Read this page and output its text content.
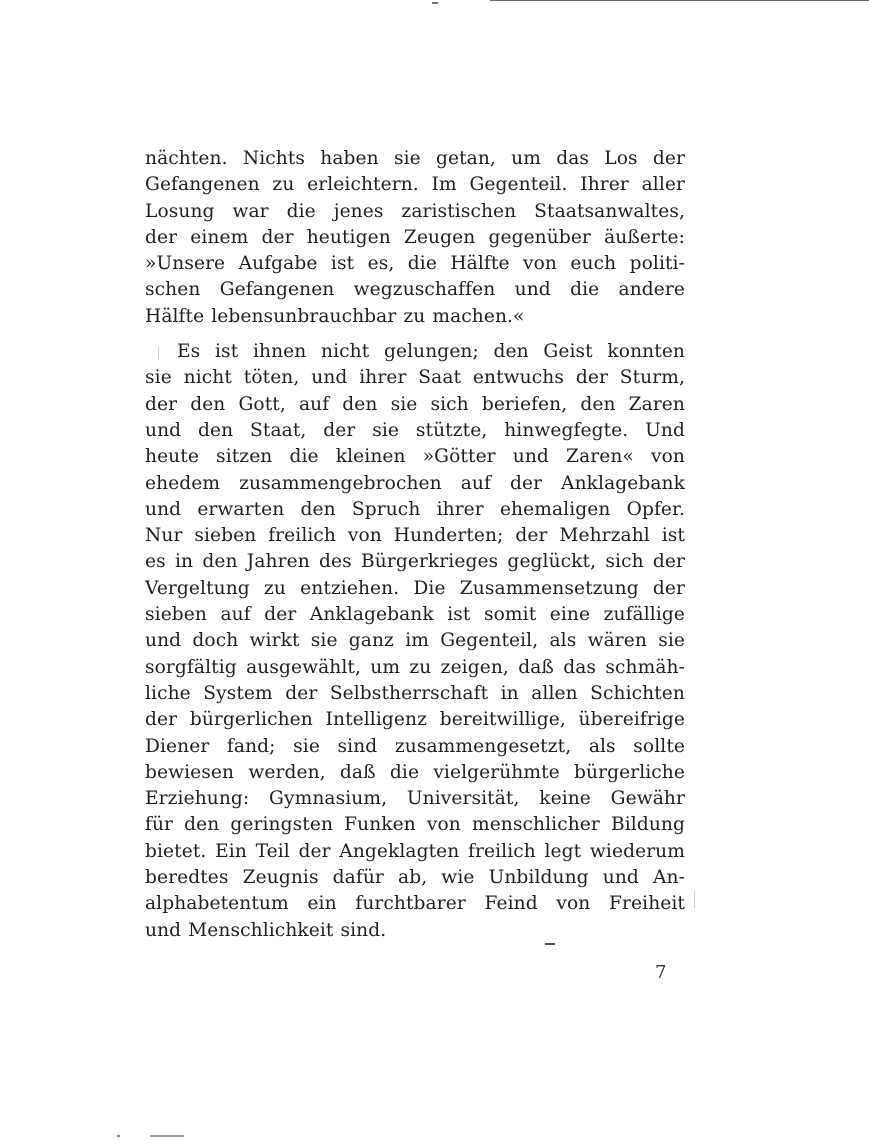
nächten. Nichts haben sie getan, um das Los der
Gefangenen zu erleichtern. Im Gegenteil. Ihrer aller
Losung war die jenes zaristischen Staatsanwaltes,
der einem der heutigen Zeugen gegenüber äußerte:
»Unsere Aufgabe ist es, die Hälfte von euch politi-
schen Gefangenen wegzuschaffen und die andere
Hälfte lebensunbrauchbar zu machen.«
Es ist ihnen nicht gelungen; den Geist konnten
sie nicht töten, und ihrer Saat entwuchs der Sturm,
der den Gott, auf den sie sich beriefen, den Zaren
und den Staat, der sie stützte, hinwegfegte. Und
heute sitzen die kleinen »Götter und Zaren« von
ehedem zusammengebrochen auf der Anklagebank
und erwarten den Spruch ihrer ehemaligen Opfer.
Nur sieben freilich von Hunderten; der Mehrzahl ist
es in den Jahren des Bürgerkrieges geglückt, sich der
Vergeltung zu entziehen. Die Zusammensetzung der
sieben auf der Anklagebank ist somit eine zufällige
und doch wirkt sie ganz im Gegenteil, als wären sie
sorgfältig ausgewählt, um zu zeigen, daß das schmäh-
liche System der Selbstherrschaft in allen Schichten
der bürgerlichen Intelligenz bereitwillige, übereifrige
Diener fand; sie sind zusammengesetzt, als sollte
bewiesen werden, daß die vielgerühmte bürgerliche
Erziehung: Gymnasium, Universität, keine Gewähr
für den geringsten Funken von menschlicher Bildung
bietet. Ein Teil der Angeklagten freilich legt wiederum
beredtes Zeugnis dafür ab, wie Unbildung und An-
alphabetentum ein furchtbarer Feind von Freiheit
und Menschlichkeit sind.
7
